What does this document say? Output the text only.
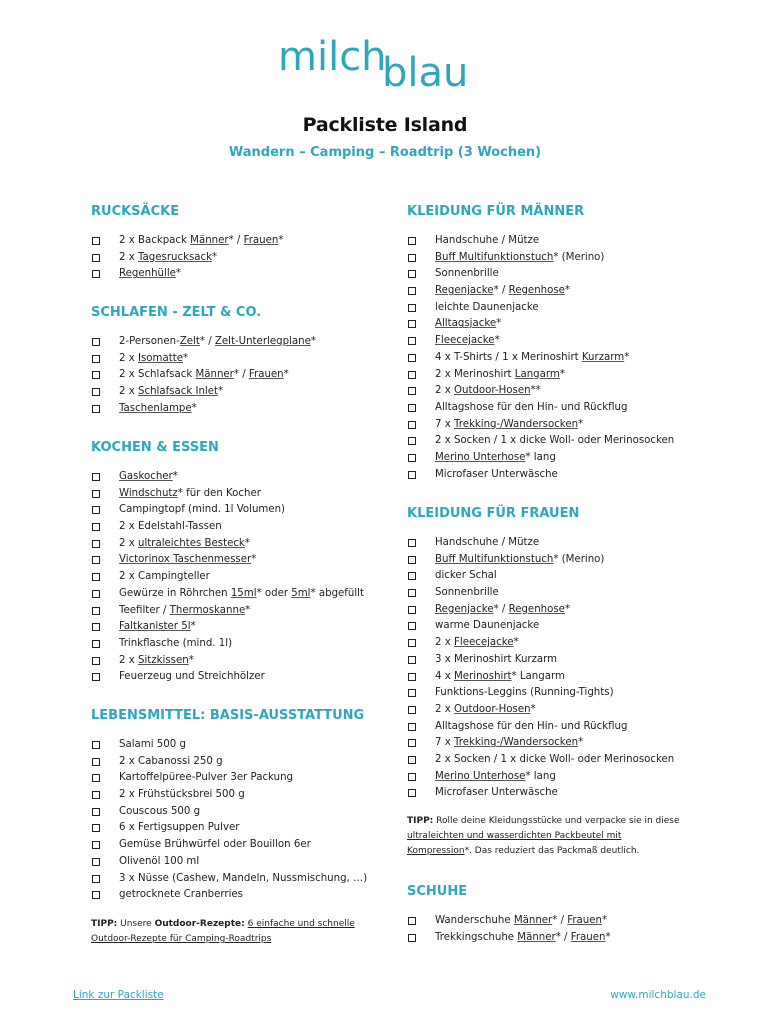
milch
blau
Packliste Island
Wandern – Camping – Roadtrip (3 Wochen)
RUCKSÄCKE
2 x Backpack Männer* / Frauen*
2 x Tagesrucksack*
Regenhülle*
SCHLAFEN - ZELT & CO.
2-Personen-Zelt* / Zelt-Unterlegplane*
2 x Isomatte*
2 x Schlafsack Männer* / Frauen*
2 x Schlafsack Inlet*
Taschenlampe*
KOCHEN & ESSEN
Gaskocher*
Windschutz* für den Kocher
Campingtopf (mind. 1l Volumen)
2 x Edelstahl-Tassen
2 x ultraleichtes Besteck*
Victorinox Taschenmesser*
2 x Campingteller
Gewürze in Röhrchen 15ml* oder 5ml* abgefüllt
Teefilter / Thermoskanne*
Faltkanister 5l*
Trinkflasche (mind. 1l)
2 x Sitzkissen*
Feuerzeug und Streichhölzer
LEBENSMITTEL: BASIS-AUSSTATTUNG
Salami 500 g
2 x Cabanossi 250 g
Kartoffelpüree-Pulver 3er Packung
2 x Frühstücksbrei 500 g
Couscous 500 g
6 x Fertigsuppen Pulver
Gemüse Brühwürfel oder Bouillon 6er
Olivenöl 100 ml
3 x Nüsse (Cashew, Mandeln, Nussmischung, …)
getrocknete Cranberries
TIPP: Unsere Outdoor-Rezepte: 6 einfache und schnelle
Outdoor-Rezepte für Camping-Roadtrips
KLEIDUNG FÜR MÄNNER
Handschuhe / Mütze
Buff Multifunktionstuch* (Merino)
Sonnenbrille
Regenjacke* / Regenhose*
leichte Daunenjacke
Alltagsjacke*
Fleecejacke*
4 x T-Shirts / 1 x Merinoshirt Kurzarm*
2 x Merinoshirt Langarm*
2 x Outdoor-Hosen**
Alltagshose für den Hin- und Rückflug
7 x Trekking-/Wandersocken*
2 x Socken / 1 x dicke Woll- oder Merinosocken
Merino Unterhose* lang
Microfaser Unterwäsche
KLEIDUNG FÜR FRAUEN
Handschuhe / Mütze
Buff Multifunktionstuch* (Merino)
dicker Schal
Sonnenbrille
Regenjacke* / Regenhose*
warme Daunenjacke
2 x Fleecejacke*
3 x Merinoshirt Kurzarm
4 x Merinoshirt* Langarm
Funktions-Leggins (Running-Tights)
2 x Outdoor-Hosen*
Alltagshose für den Hin- und Rückflug
7 x Trekking-/Wandersocken*
2 x Socken / 1 x dicke Woll- oder Merinosocken
Merino Unterhose* lang
Microfaser Unterwäsche
SCHUHE
Wanderschuhe Männer* / Frauen*
Trekkingschuhe Männer* / Frauen*
TIPP: Rolle deine Kleidungsstücke und verpacke sie in diese
ultraleichten und wasserdichten Packbeutel mit
Kompression*. Das reduziert das Packmaß deutlich.
Link zur Packliste	www.milchblau.de
